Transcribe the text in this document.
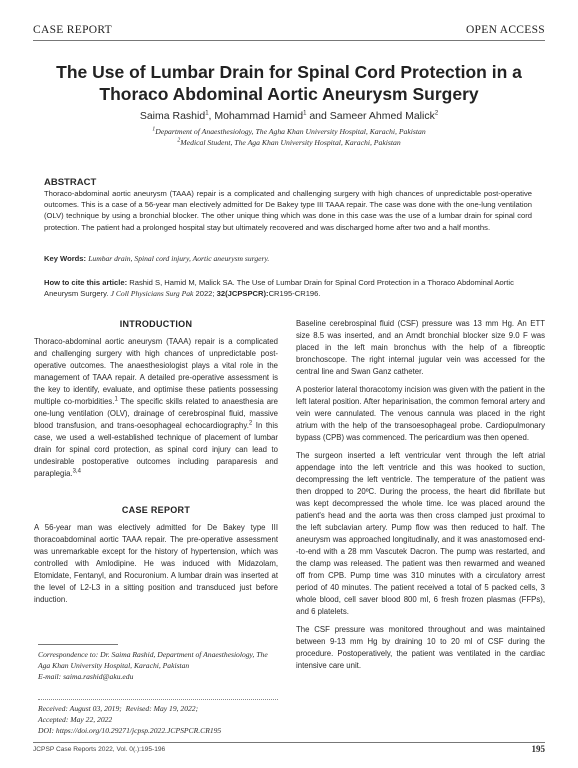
CASE REPORT	OPEN ACCESS
The Use of Lumbar Drain for Spinal Cord Protection in a Thoraco Abdominal Aortic Aneurysm Surgery
Saima Rashid$^1$, Mohammad Hamid$^1$ and Sameer Ahmed Malick$^2$
$^1$Department of Anaesthesiology, The Agha Khan University Hospital, Karachi, Pakistan
$^2$Medical Student, The Aga Khan University Hospital, Karachi, Pakistan
ABSTRACT
Thoraco-abdominal aortic aneurysm (TAAA) repair is a complicated and challenging surgery with high chances of unpredictable post-operative outcomes. This is a case of a 56-year man electively admitted for De Bakey type III TAAA repair. The case was done with the one-lung ventilation (OLV) technique by using a bronchial blocker. The other unique thing which was done in this case was the use of a lumbar drain for spinal cord protection. The patient had a prolonged hospital stay but ultimately recovered and was discharged home after two and a half months.
Key Words: Lumbar drain, Spinal cord injury, Aortic aneurysm surgery.
How to cite this article: Rashid S, Hamid M, Malick SA. The Use of Lumbar Drain for Spinal Cord Protection in a Thoraco Abdominal Aortic Aneurysm Surgery. J Coll Physicians Surg Pak 2022; 32(JCPSPCR):CR195-CR196.
INTRODUCTION

Thoraco-abdominal aortic aneurysm (TAAA) repair is a complicated and challenging surgery with high chances of unpredictable post-operative outcomes. The anaesthesiologist plays a vital role in the management of TAAA repair. A detailed pre-operative assessment is the key to identify, evaluate, and optimise these patients possessing multiple co-morbidities.$^1$ The specific skills related to anaesthesia are one-lung ventilation (OLV), drainage of cerebrospinal fluid, massive blood transfusion, and trans-oesophageal echocardiography.$^2$ In this case, we used a well-established technique of placement of lumbar drain for spinal cord protection, as spinal cord injury can lead to undesirable postoperative outcomes including paraparesis and paraplegia.$^{3,4}$

CASE REPORT

A 56-year man was electively admitted for De Bakey type III thoracoabdominal aortic TAAA repair. The pre-operative assessment was unremarkable except for the history of hypertension, which was controlled with Amlodipine. He was induced with Midazolam, Etomidate, Fentanyl, and Rocuronium. A lumbar drain was inserted at the level of L2-L3 in a sitting position and transduced just before induction.

Correspondence to: Dr. Saima Rashid, Department of Anaesthesiology, The Aga Khan University Hospital, Karachi, Pakistan
E-mail: saima.rashid@aku.edu
Received: August 03, 2019; Revised: May 19, 2022;
Accepted: May 22, 2022
DOI: https://doi.org/10.29271/jcpsp.2022.JCPSPCR.CR195

Baseline cerebrospinal fluid (CSF) pressure was 13 mm Hg. An ETT size 8.5 was inserted, and an Arndt bronchial blocker size 9.0 F was placed in the left main bronchus with the help of a fibreoptic bronchoscope. The right internal jugular vein was accessed for the central line and Swan Ganz catheter.

A posterior lateral thoracotomy incision was given with the patient in the left lateral position. After heparinisation, the common femoral artery and vein were cannulated. The venous cannula was placed in the right atrium with the help of the transoesophageal probe. Cardiopulmonary bypass (CPB) was commenced. The pericardium was then opened.

The surgeon inserted a left ventricular vent through the left atrial appendage into the left ventricle and this was hooked to suction, decompressing the left ventricle. The temperature of the patient was then dropped to 20ºC. During the process, the heart did fibrillate but was kept decompressed the whole time. Ice was placed around the patient's head and the aorta was then cross clamped just proximal to the left subclavian artery. Pump flow was then reduced to half. The aneurysm was approached longitudinally, and it was anastomosed end--to-end with a 28 mm Vascutek Dacron. The pump was restarted, and the clamp was released. The patient was then rewarmed and weaned off from CPB. Pump time was 310 minutes with a circulatory arrest period of 40 minutes. The patient received a total of 5 packed cells, 3 whole blood, cell saver blood 800 ml, 6 fresh frozen plasmas (FFPs), and 6 platelets.

The CSF pressure was monitored throughout and was maintained between 9-13 mm Hg by draining 10 to 20 ml of CSF during the procedure. Postoperatively, the patient was ventilated in the cardiac intensive care unit.

JCPSP Case Reports 2022, Vol. 0(.):195-196	195
